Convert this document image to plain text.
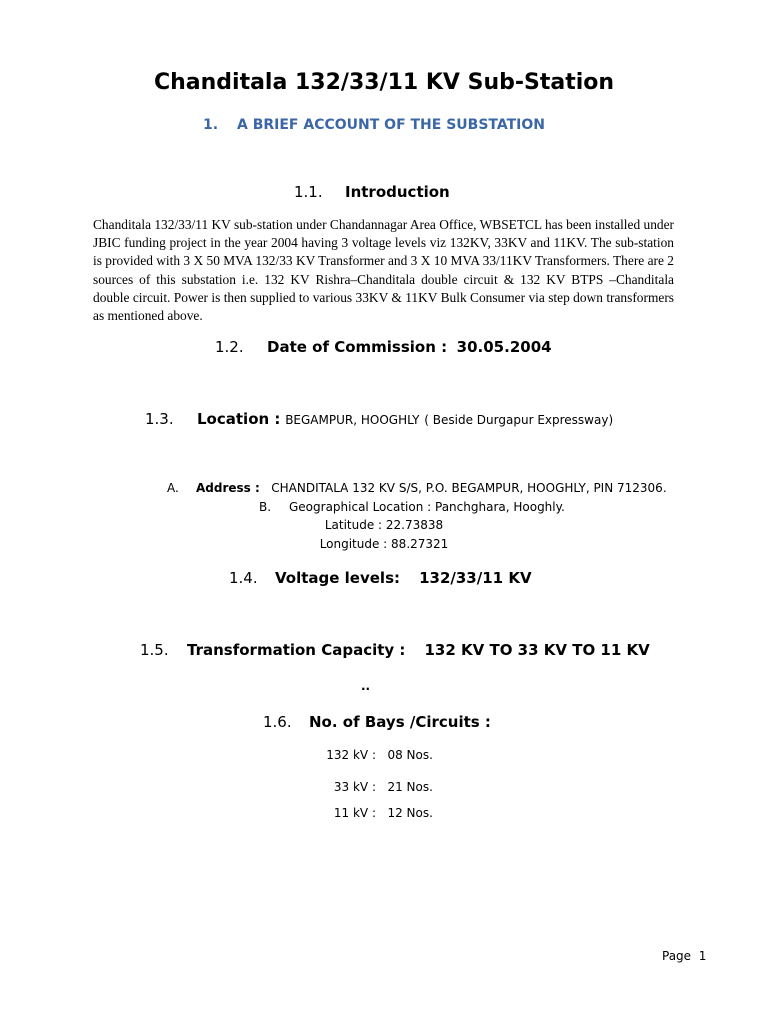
Chanditala 132/33/11 KV Sub-Station
1. A BRIEF ACCOUNT OF THE SUBSTATION
1.1. Introduction
Chanditala 132/33/11 KV sub-station under Chandannagar Area Office, WBSETCL has been installed under JBIC funding project in the year 2004 having 3 voltage levels viz 132KV, 33KV and 11KV. The sub-station is provided with 3 X 50 MVA 132/33 KV Transformer and 3 X 10 MVA 33/11KV Transformers. There are 2 sources of this substation i.e. 132 KV Rishra–Chanditala double circuit & 132 KV BTPS –Chanditala double circuit. Power is then supplied to various 33KV & 11KV Bulk Consumer via step down transformers as mentioned above.
1.2. Date of Commission : 30.05.2004
1.3. Location : BEGAMPUR, HOOGHLY ( Beside Durgapur Expressway)
A. Address : CHANDITALA 132 KV S/S, P.O. BEGAMPUR, HOOGHLY, PIN 712306.
B. Geographical Location : Panchghara, Hooghly.
Latitude : 22.73838
Longitude : 88.27321
1.4. Voltage levels: 132/33/11 KV
1.5. Transformation Capacity : 132 KV TO 33 KV TO 11 KV
..
1.6. No. of Bays /Circuits :
132 kV : 08 Nos.
33 kV : 21 Nos.
11 kV : 12 Nos.
Page 1
